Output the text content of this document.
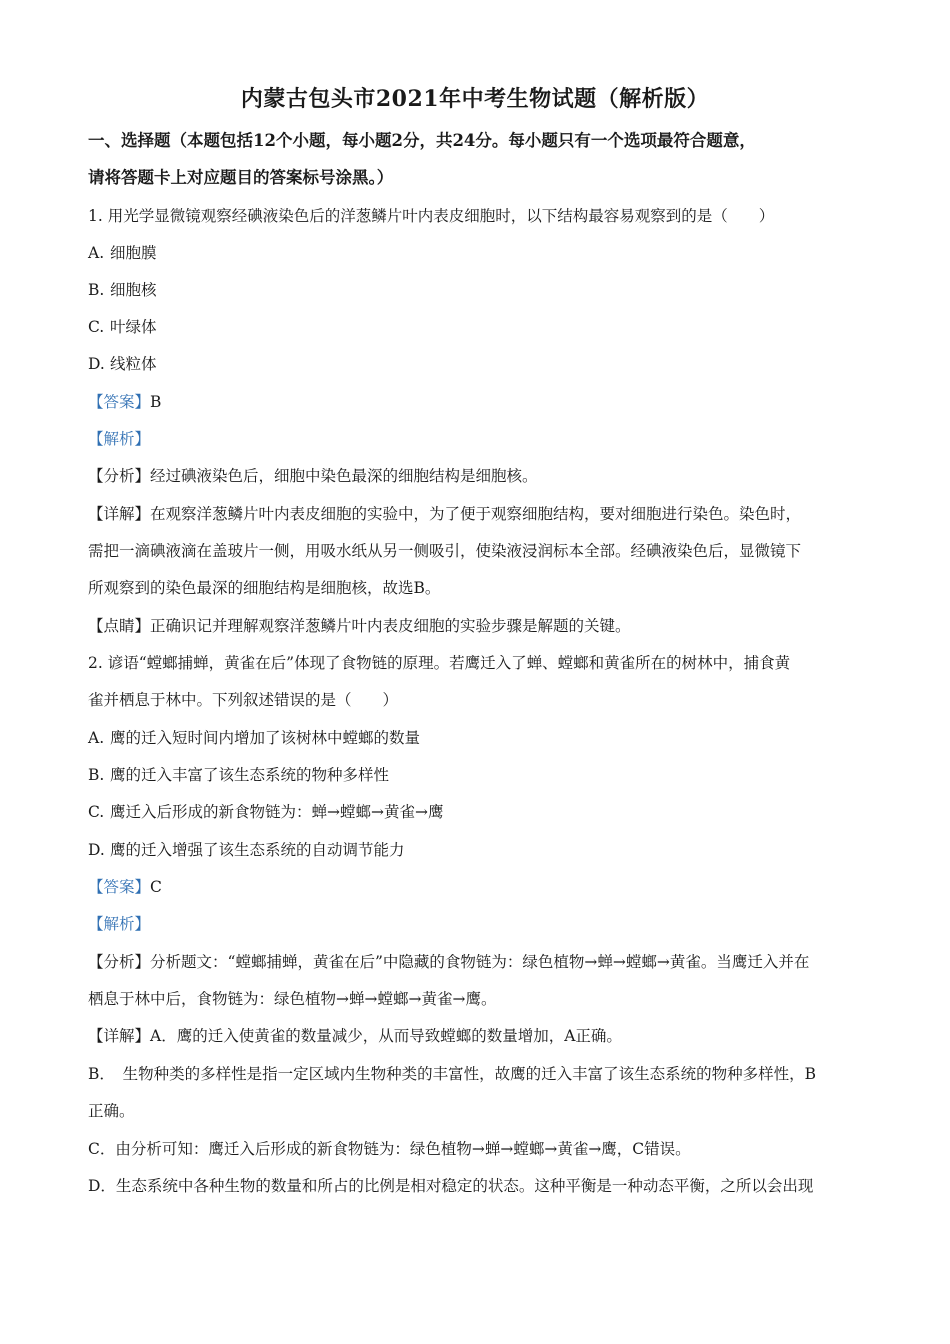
内蒙古包头市2021年中考生物试题（解析版）
一、选择题（本题包括12个小题，每小题2分，共24分。每小题只有一个选项最符合题意，
请将答题卡上对应题目的答案标号涂黑。）
1. 用光学显微镜观察经碘液染色后的洋葱鳞片叶内表皮细胞时，以下结构最容易观察到的是（　　）
A. 细胞膜
B. 细胞核
C. 叶绿体
D. 线粒体
【答案】B
【解析】
【分析】经过碘液染色后，细胞中染色最深的细胞结构是细胞核。
【详解】在观察洋葱鳞片叶内表皮细胞的实验中，为了便于观察细胞结构，要对细胞进行染色。染色时，
需把一滴碘液滴在盖玻片一侧，用吸水纸从另一侧吸引，使染液浸润标本全部。经碘液染色后，显微镜下
所观察到的染色最深的细胞结构是细胞核，故选B。
【点睛】正确识记并理解观察洋葱鳞片叶内表皮细胞的实验步骤是解题的关键。
2. 谚语“螳螂捕蝉，黄雀在后”体现了食物链的原理。若鹰迁入了蝉、螳螂和黄雀所在的树林中，捕食黄
雀并栖息于林中。下列叙述错误的是（　　）
A. 鹰的迁入短时间内增加了该树林中螳螂的数量
B. 鹰的迁入丰富了该生态系统的物种多样性
C. 鹰迁入后形成的新食物链为：蝉→螳螂→黄雀→鹰
D. 鹰的迁入增强了该生态系统的自动调节能力
【答案】C
【解析】
【分析】分析题文：“螳螂捕蝉，黄雀在后”中隐藏的食物链为：绿色植物→蝉→螳螂→黄雀。当鹰迁入并在
栖息于林中后，食物链为：绿色植物→蝉→螳螂→黄雀→鹰。
【详解】A．鹰的迁入使黄雀的数量减少，从而导致螳螂的数量增加，A正确。
B．　生物种类的多样性是指一定区域内生物种类的丰富性，故鹰的迁入丰富了该生态系统的物种多样性，B
正确。
C．由分析可知：鹰迁入后形成的新食物链为：绿色植物→蝉→螳螂→黄雀→鹰，C错误。
D．生态系统中各种生物的数量和所占的比例是相对稳定的状态。这种平衡是一种动态平衡，之所以会出现
